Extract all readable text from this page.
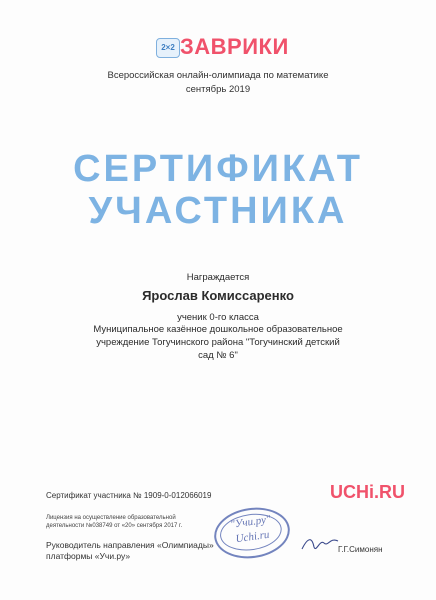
2×2 ЗАВРИКИ
Всероссийская онлайн-олимпиада по математике
сентябрь 2019
СЕРТИФИКАТ
УЧАСТНИКА
Награждается
Ярослав Комиссаренко
ученик 0-го класса
Муниципальное казённое дошкольное образовательное
учреждение Тогучинского района "Тогучинский детский
сад № 6"
Сертификат участника № 1909-0-012066019	UCHi.RU
Лицензия на осуществление образовательной
деятельности №038749 от «20» сентября 2017 г.
Руководитель направления «Олимпиады»
платформы «Учи.ру»
"Учи.ру"
Uchi.ru
Г.Г.Симонян
